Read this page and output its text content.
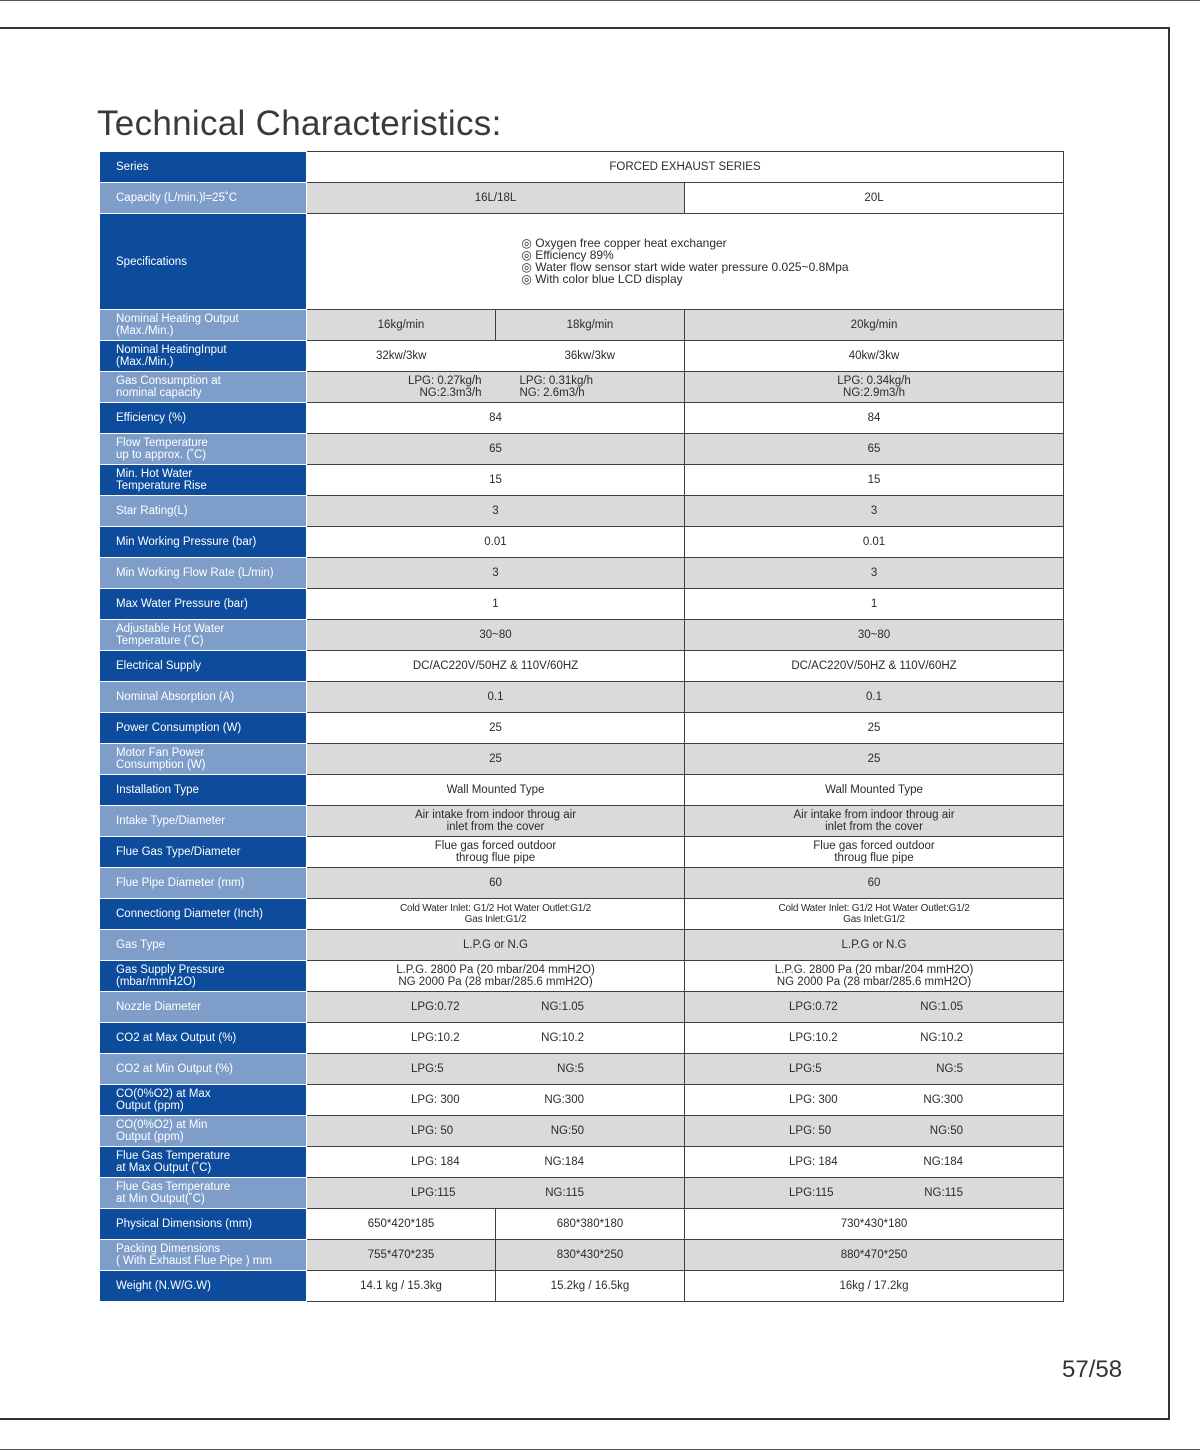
Technical Characteristics:
Series	FORCED EXHAUST SERIES		
Capacity (L/min.)l=25˚C	16L/18L		20L
Specifications	◎ Oxygen free copper heat exchanger
◎ Efficiency 89%
◎ Water flow sensor start wide water pressure 0.025~0.8Mpa
◎ With color blue LCD display		

Nominal Heating Output
(Max./Min.)	16kg/min	18kg/min	20kg/min
Nominal HeatingInput
(Max./Min.)	32kw/3kw	36kw/3kw	40kw/3kw
Gas Consumption at
nominal capacity	LPG: 0.27kg/h
NG:2.3m3/h	LPG: 0.31kg/h
NG: 2.6m3/h	LPG: 0.34kg/h
NG:2.9m3/h
Efficiency (%)	84		84
Flow Temperature
up to approx. (˚C)	65		65
Min. Hot Water
Temperature Rise	15		15
Star Rating(L)	3		3
Min Working Pressure (bar)	0.01		0.01
Min Working Flow Rate (L/min)	3		3
Max Water Pressure (bar)	1		1
Adjustable Hot Water
Temperature (˚C)	30~80		30~80
Electrical Supply	DC/AC220V/50HZ & 110V/60HZ		DC/AC220V/50HZ & 110V/60HZ
Nominal Absorption (A)	0.1		0.1
Power Consumption (W)	25		25
Motor Fan Power
Consumption (W)	25		25
Installation Type	Wall Mounted Type		Wall Mounted Type
Intake Type/Diameter	Air intake from indoor throug air
inlet from the cover		Air intake from indoor throug air
inlet from the cover
Flue Gas Type/Diameter	Flue gas forced outdoor
throug flue pipe		Flue gas forced outdoor
throug flue pipe
Flue Pipe Diameter (mm)	60		60
Connectiong Diameter (Inch)	Cold Water Inlet: G1/2 Hot Water Outlet:G1/2
Gas Inlet:G1/2		Cold Water Inlet: G1/2 Hot Water Outlet:G1/2
Gas Inlet:G1/2
Gas Type	L.P.G or N.G		L.P.G or N.G
Gas Supply Pressure
(mbar/mmH2O)	L.P.G. 2800 Pa (20 mbar/204 mmH2O)
NG 2000 Pa (28 mbar/285.6 mmH2O)		L.P.G. 2800 Pa (20 mbar/204 mmH2O)
NG 2000 Pa (28 mbar/285.6 mmH2O)
Nozzle Diameter	LPG:0.72 NG:1.05		LPG:0.72 NG:1.05

CO2 at Max Output (%)	LPG:10.2 NG:10.2		LPG:10.2 NG:10.2

CO2 at Min Output (%)	LPG:5 NG:5		LPG:5 NG:5

CO(0%O2) at Max
Output (ppm)	LPG: 300 NG:300		LPG: 300 NG:300

CO(0%O2) at Min
Output (ppm)	LPG: 50 NG:50		LPG: 50 NG:50

Flue Gas Temperature
at Max Output (˚C)	LPG: 184 NG:184		LPG: 184 NG:184

Flue Gas Temperature
at Min Output(˚C)	LPG:115 NG:115		LPG:115 NG:115

Physical Dimensions (mm)	650*420*185	680*380*180	730*430*180
Packing Dimensions
( With Exhaust Flue Pipe ) mm	755*470*235	830*430*250	880*470*250
Weight (N.W/G.W)	14.1 kg / 15.3kg	15.2kg / 16.5kg	16kg / 17.2kg
57/58
